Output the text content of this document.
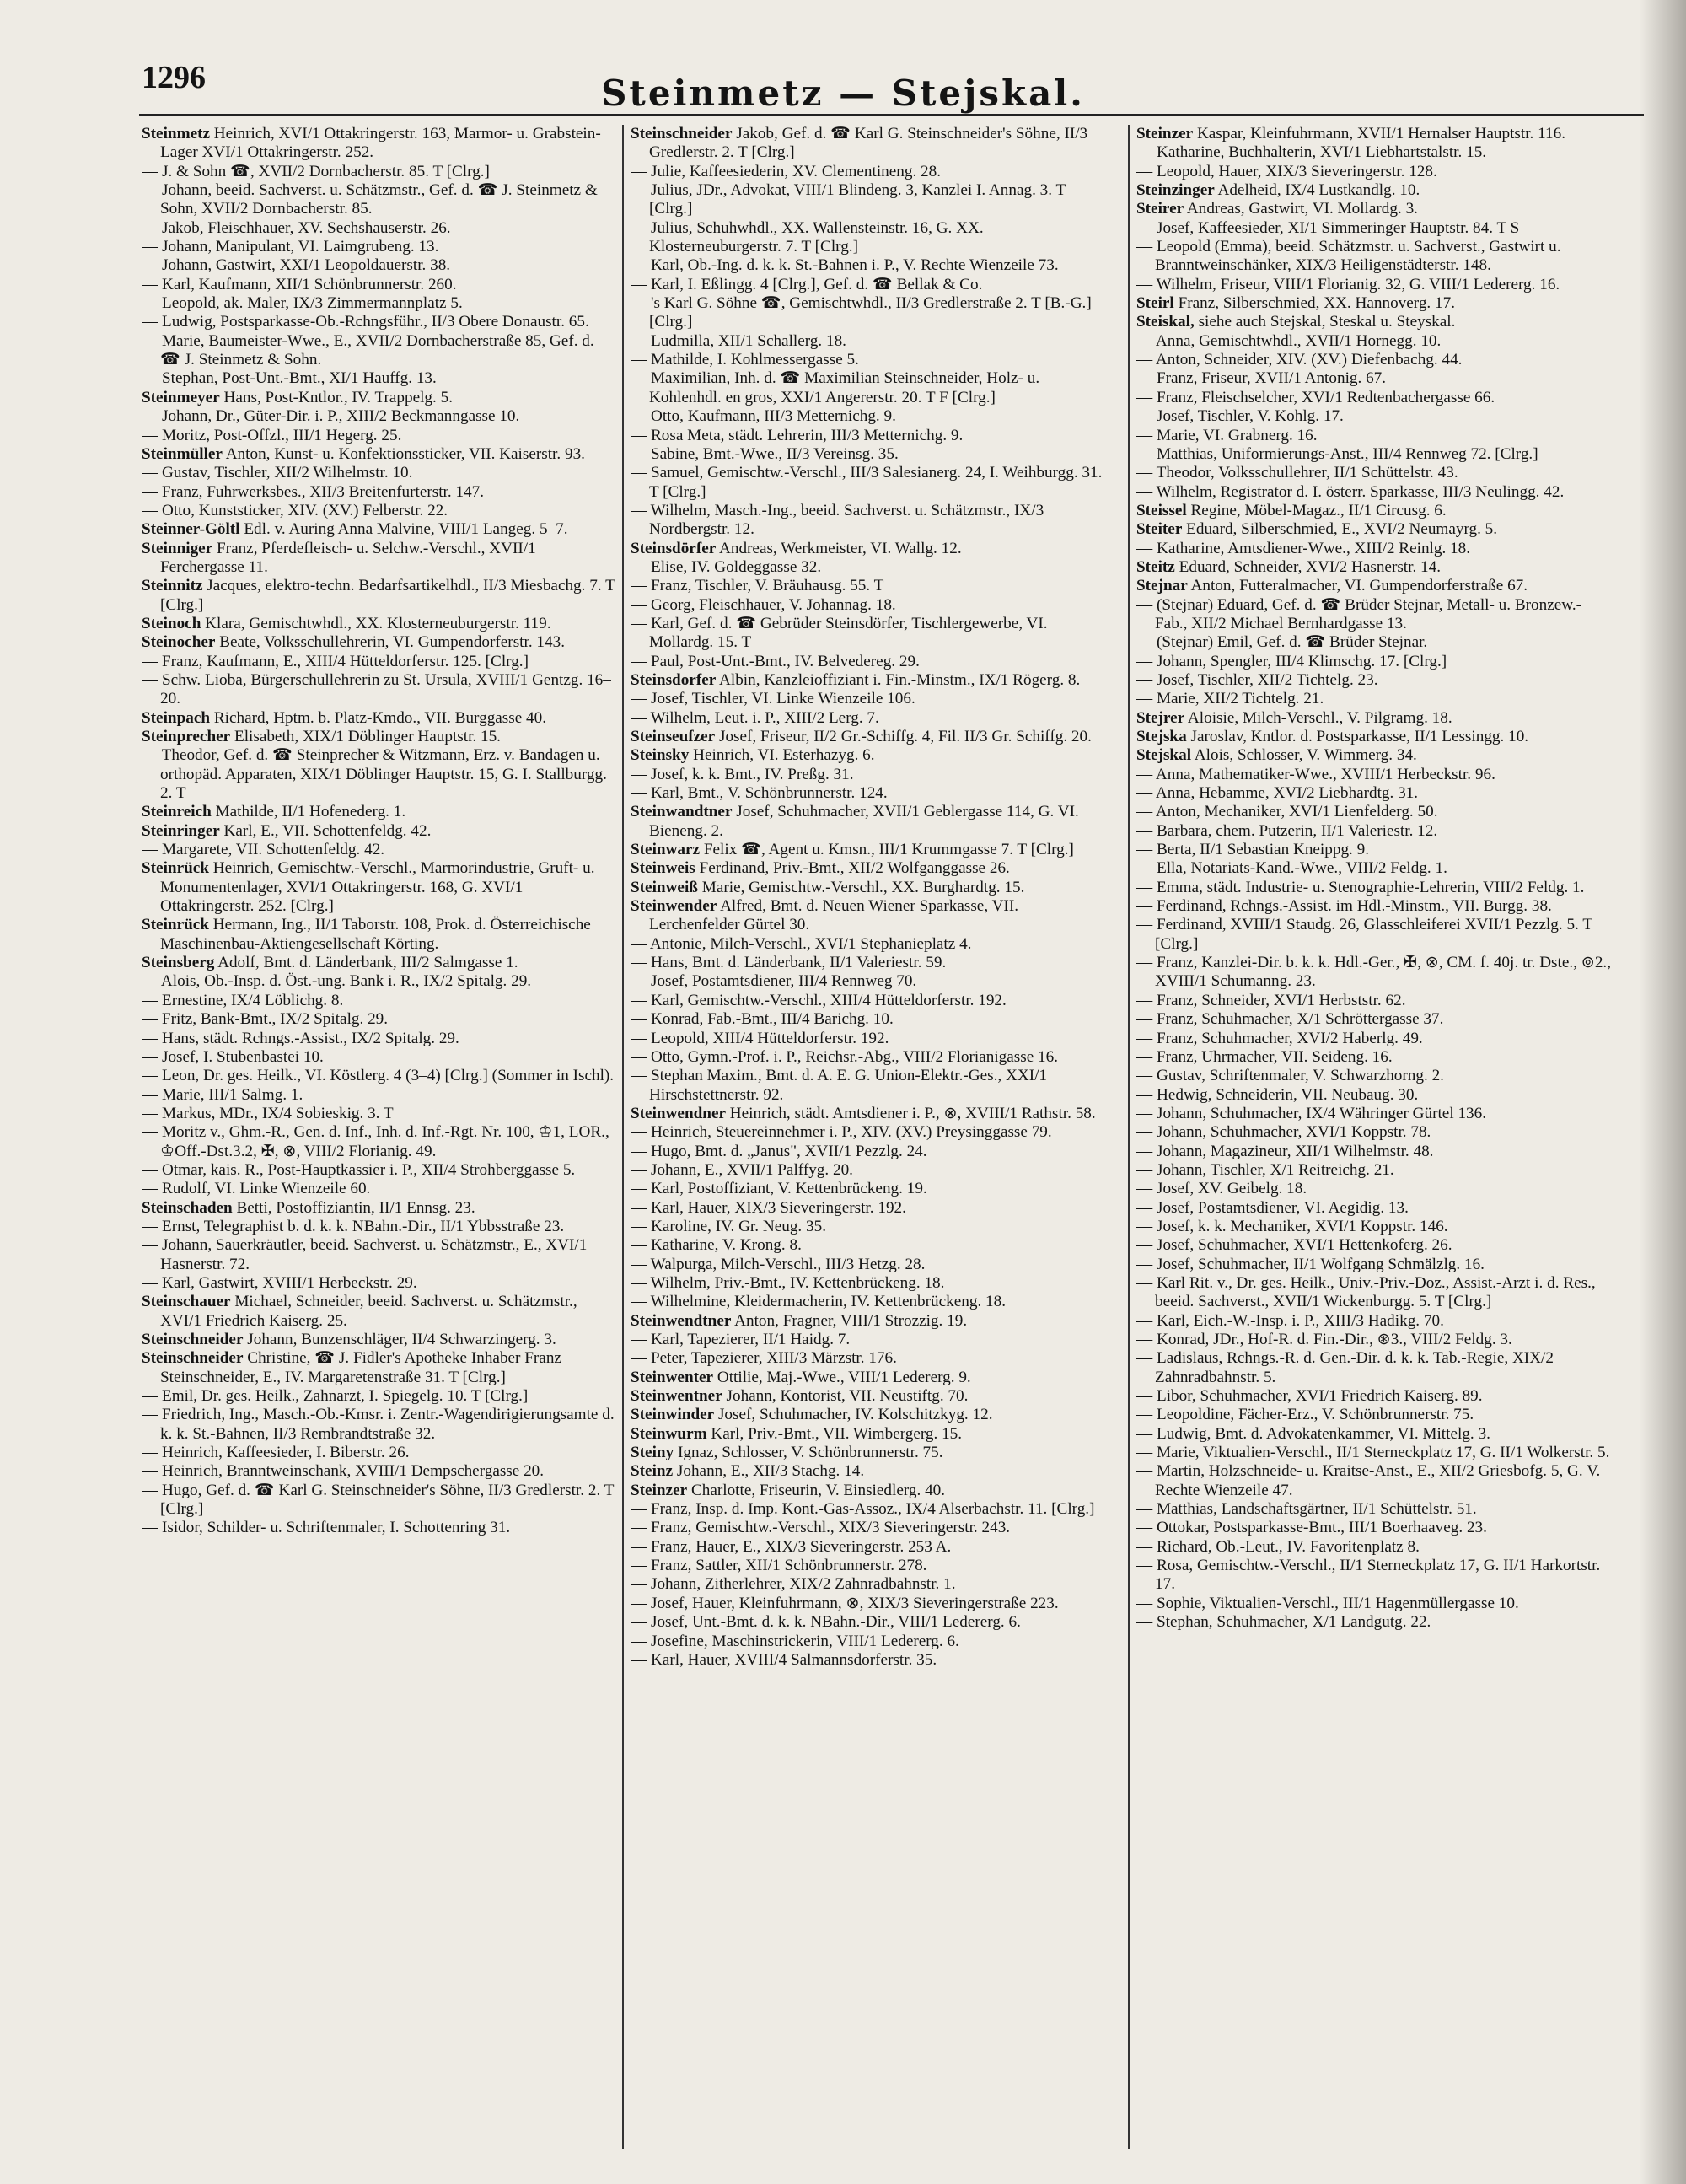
1296	Steinmetz — Stejskal.
Steinmetz Heinrich, XVI/1 Ottakringerstr. 163, Marmor- u. Grabstein-Lager XVI/1 Ottakringerstr. 252.
— J. & Sohn ☎, XVII/2 Dornbacherstr. 85. T [Clrg.]
— Johann, beeid. Sachverst. u. Schätzmstr., Gef. d. ☎ J. Steinmetz & Sohn, XVII/2 Dornbacherstr. 85.
— Jakob, Fleischhauer, XV. Sechshauserstr. 26.
— Johann, Manipulant, VI. Laimgrubeng. 13.
— Johann, Gastwirt, XXI/1 Leopoldauerstr. 38.
— Karl, Kaufmann, XII/1 Schönbrunnerstr. 260.
— Leopold, ak. Maler, IX/3 Zimmermannplatz 5.
— Ludwig, Postsparkasse-Ob.-Rchngsführ., II/3 Obere Donaustr. 65.
— Marie, Baumeister-Wwe., E., XVII/2 Dornbacherstraße 85, Gef. d. ☎ J. Steinmetz & Sohn.
— Stephan, Post-Unt.-Bmt., XI/1 Hauffg. 13.
Steinmeyer Hans, Post-Kntlor., IV. Trappelg. 5.
— Johann, Dr., Güter-Dir. i. P., XIII/2 Beckmanngasse 10.
— Moritz, Post-Offzl., III/1 Hegerg. 25.
Steinmüller Anton, Kunst- u. Konfektionssticker, VII. Kaiserstr. 93.
— Gustav, Tischler, XII/2 Wilhelmstr. 10.
— Franz, Fuhrwerksbes., XII/3 Breitenfurterstr. 147.
— Otto, Kunststicker, XIV. (XV.) Felberstr. 22.
Steinner-Göltl Edl. v. Auring Anna Malvine, VIII/1 Langeg. 5–7.
Steinniger Franz, Pferdefleisch- u. Selchw.-Verschl., XVII/1 Ferchergasse 11.
Steinnitz Jacques, elektro-techn. Bedarfsartikelhdl., II/3 Miesbachg. 7. T [Clrg.]
Steinoch Klara, Gemischtwhdl., XX. Klosterneuburgerstr. 119.
Steinocher Beate, Volksschullehrerin, VI. Gumpendorferstr. 143.
— Franz, Kaufmann, E., XIII/4 Hütteldorferstr. 125. [Clrg.]
— Schw. Lioba, Bürgerschullehrerin zu St. Ursula, XVIII/1 Gentzg. 16–20.
Steinpach Richard, Hptm. b. Platz-Kmdo., VII. Burggasse 40.
Steinprecher Elisabeth, XIX/1 Döblinger Hauptstr. 15.
— Theodor, Gef. d. ☎ Steinprecher & Witzmann, Erz. v. Bandagen u. orthopäd. Apparaten, XIX/1 Döblinger Hauptstr. 15, G. I. Stallburgg. 2. T
Steinreich Mathilde, II/1 Hofenederg. 1.
Steinringer Karl, E., VII. Schottenfeldg. 42.
— Margarete, VII. Schottenfeldg. 42.
Steinrück Heinrich, Gemischtw.-Verschl., Marmorindustrie, Gruft- u. Monumentenlager, XVI/1 Ottakringerstr. 168, G. XVI/1 Ottakringerstr. 252. [Clrg.]
Steinrück Hermann, Ing., II/1 Taborstr. 108, Prok. d. Österreichische Maschinenbau-Aktiengesellschaft Körting.
Steinsberg Adolf, Bmt. d. Länderbank, III/2 Salmgasse 1.
— Alois, Ob.-Insp. d. Öst.-ung. Bank i. R., IX/2 Spitalg. 29.
— Ernestine, IX/4 Löblichg. 8.
— Fritz, Bank-Bmt., IX/2 Spitalg. 29.
— Hans, städt. Rchngs.-Assist., IX/2 Spitalg. 29.
— Josef, I. Stubenbastei 10.
— Leon, Dr. ges. Heilk., VI. Köstlerg. 4 (3–4) [Clrg.] (Sommer in Ischl).
— Marie, III/1 Salmg. 1.
— Markus, MDr., IX/4 Sobieskig. 3. T
— Moritz v., Ghm.-R., Gen. d. Inf., Inh. d. Inf.-Rgt. Nr. 100, ♔1, LOR., ♔Off.-Dst.3.2, ✠, ⊗, VIII/2 Florianig. 49.
— Otmar, kais. R., Post-Hauptkassier i. P., XII/4 Strohberggasse 5.
— Rudolf, VI. Linke Wienzeile 60.
Steinschaden Betti, Postoffiziantin, II/1 Ennsg. 23.
— Ernst, Telegraphist b. d. k. k. NBahn.-Dir., II/1 Ybbsstraße 23.
— Johann, Sauerkräutler, beeid. Sachverst. u. Schätzmstr., E., XVI/1 Hasnerstr. 72.
— Karl, Gastwirt, XVIII/1 Herbeckstr. 29.
Steinschauer Michael, Schneider, beeid. Sachverst. u. Schätzmstr., XVI/1 Friedrich Kaiserg. 25.
Steinschneider Johann, Bunzenschläger, II/4 Schwarzingerg. 3.
Steinschneider Christine, ☎ J. Fidler's Apotheke Inhaber Franz Steinschneider, E., IV. Margaretenstraße 31. T [Clrg.]
— Emil, Dr. ges. Heilk., Zahnarzt, I. Spiegelg. 10. T [Clrg.]
— Friedrich, Ing., Masch.-Ob.-Kmsr. i. Zentr.-Wagendirigierungsamte d. k. k. St.-Bahnen, II/3 Rembrandtstraße 32.
— Heinrich, Kaffeesieder, I. Biberstr. 26.
— Heinrich, Branntweinschank, XVIII/1 Dempschergasse 20.
— Hugo, Gef. d. ☎ Karl G. Steinschneider's Söhne, II/3 Gredlerstr. 2. T [Clrg.]
— Isidor, Schilder- u. Schriftenmaler, I. Schottenring 31.
Steinschneider Jakob, Gef. d. ☎ Karl G. Steinschneider's Söhne, II/3 Gredlerstr. 2. T [Clrg.]
— Julie, Kaffeesiederin, XV. Clementineng. 28.
— Julius, JDr., Advokat, VIII/1 Blindeng. 3, Kanzlei I. Annag. 3. T [Clrg.]
— Julius, Schuhwhdl., XX. Wallensteinstr. 16, G. XX. Klosterneuburgerstr. 7. T [Clrg.]
— Karl, Ob.-Ing. d. k. k. St.-Bahnen i. P., V. Rechte Wienzeile 73.
— Karl, I. Eßlingg. 4 [Clrg.], Gef. d. ☎ Bellak & Co.
— 's Karl G. Söhne ☎, Gemischtwhdl., II/3 Gredlerstraße 2. T [B.-G.] [Clrg.]
— Ludmilla, XII/1 Schallerg. 18.
— Mathilde, I. Kohlmessergasse 5.
— Maximilian, Inh. d. ☎ Maximilian Steinschneider, Holz- u. Kohlenhdl. en gros, XXI/1 Angererstr. 20. T F [Clrg.]
— Otto, Kaufmann, III/3 Metternichg. 9.
— Rosa Meta, städt. Lehrerin, III/3 Metternichg. 9.
— Sabine, Bmt.-Wwe., II/3 Vereinsg. 35.
— Samuel, Gemischtw.-Verschl., III/3 Salesianerg. 24, I. Weihburgg. 31. T [Clrg.]
— Wilhelm, Masch.-Ing., beeid. Sachverst. u. Schätzmstr., IX/3 Nordbergstr. 12.
Steinsdörfer Andreas, Werkmeister, VI. Wallg. 12.
— Elise, IV. Goldeggasse 32.
— Franz, Tischler, V. Bräuhausg. 55. T
— Georg, Fleischhauer, V. Johannag. 18.
— Karl, Gef. d. ☎ Gebrüder Steinsdörfer, Tischlergewerbe, VI. Mollardg. 15. T
— Paul, Post-Unt.-Bmt., IV. Belvedereg. 29.
Steinsdorfer Albin, Kanzleioffiziant i. Fin.-Minstm., IX/1 Rögerg. 8.
— Josef, Tischler, VI. Linke Wienzeile 106.
— Wilhelm, Leut. i. P., XIII/2 Lerg. 7.
Steinseufzer Josef, Friseur, II/2 Gr.-Schiffg. 4, Fil. II/3 Gr. Schiffg. 20.
Steinsky Heinrich, VI. Esterhazyg. 6.
— Josef, k. k. Bmt., IV. Preßg. 31.
— Karl, Bmt., V. Schönbrunnerstr. 124.
Steinwandtner Josef, Schuhmacher, XVII/1 Geblergasse 114, G. VI. Bieneng. 2.
Steinwarz Felix ☎, Agent u. Kmsn., III/1 Krummgasse 7. T [Clrg.]
Steinweis Ferdinand, Priv.-Bmt., XII/2 Wolfganggasse 26.
Steinweiß Marie, Gemischtw.-Verschl., XX. Burghardtg. 15.
Steinwender Alfred, Bmt. d. Neuen Wiener Sparkasse, VII. Lerchenfelder Gürtel 30.
— Antonie, Milch-Verschl., XVI/1 Stephanieplatz 4.
— Hans, Bmt. d. Länderbank, II/1 Valeriestr. 59.
— Josef, Postamtsdiener, III/4 Rennweg 70.
— Karl, Gemischtw.-Verschl., XIII/4 Hütteldorferstr. 192.
— Konrad, Fab.-Bmt., III/4 Barichg. 10.
— Leopold, XIII/4 Hütteldorferstr. 192.
— Otto, Gymn.-Prof. i. P., Reichsr.-Abg., VIII/2 Florianigasse 16.
— Stephan Maxim., Bmt. d. A. E. G. Union-Elektr.-Ges., XXI/1 Hirschstettnerstr. 92.
Steinwendner Heinrich, städt. Amtsdiener i. P., ⊗, XVIII/1 Rathstr. 58.
— Heinrich, Steuereinnehmer i. P., XIV. (XV.) Preysinggasse 79.
— Hugo, Bmt. d. „Janus", XVII/1 Pezzlg. 24.
— Johann, E., XVII/1 Palffyg. 20.
— Karl, Postoffiziant, V. Kettenbrückeng. 19.
— Karl, Hauer, XIX/3 Sieveringerstr. 192.
— Karoline, IV. Gr. Neug. 35.
— Katharine, V. Krong. 8.
— Walpurga, Milch-Verschl., III/3 Hetzg. 28.
— Wilhelm, Priv.-Bmt., IV. Kettenbrückeng. 18.
— Wilhelmine, Kleidermacherin, IV. Kettenbrückeng. 18.
Steinwendtner Anton, Fragner, VIII/1 Strozzig. 19.
— Karl, Tapezierer, II/1 Haidg. 7.
— Peter, Tapezierer, XIII/3 Märzstr. 176.
Steinwenter Ottilie, Maj.-Wwe., VIII/1 Ledererg. 9.
Steinwentner Johann, Kontorist, VII. Neustiftg. 70.
Steinwinder Josef, Schuhmacher, IV. Kolschitzkyg. 12.
Steinwurm Karl, Priv.-Bmt., VII. Wimbergerg. 15.
Steiny Ignaz, Schlosser, V. Schönbrunnerstr. 75.
Steinz Johann, E., XII/3 Stachg. 14.
Steinzer Charlotte, Friseurin, V. Einsiedlerg. 40.
— Franz, Insp. d. Imp. Kont.-Gas-Assoz., IX/4 Alserbachstr. 11. [Clrg.]
— Franz, Gemischtw.-Verschl., XIX/3 Sieveringerstr. 243.
— Franz, Hauer, E., XIX/3 Sieveringerstr. 253 A.
— Franz, Sattler, XII/1 Schönbrunnerstr. 278.
— Johann, Zitherlehrer, XIX/2 Zahnradbahnstr. 1.
— Josef, Hauer, Kleinfuhrmann, ⊗, XIX/3 Sieveringerstraße 223.
— Josef, Unt.-Bmt. d. k. k. NBahn.-Dir., VIII/1 Ledererg. 6.
— Josefine, Maschinstrickerin, VIII/1 Ledererg. 6.
— Karl, Hauer, XVIII/4 Salmannsdorferstr. 35.
Steinzer Kaspar, Kleinfuhrmann, XVII/1 Hernalser Hauptstr. 116.
— Katharine, Buchhalterin, XVI/1 Liebhartstalstr. 15.
— Leopold, Hauer, XIX/3 Sieveringerstr. 128.
Steinzinger Adelheid, IX/4 Lustkandlg. 10.
Steirer Andreas, Gastwirt, VI. Mollardg. 3.
— Josef, Kaffeesieder, XI/1 Simmeringer Hauptstr. 84. T S
— Leopold (Emma), beeid. Schätzmstr. u. Sachverst., Gastwirt u. Branntweinschänker, XIX/3 Heiligenstädterstr. 148.
— Wilhelm, Friseur, VIII/1 Florianig. 32, G. VIII/1 Ledererg. 16.
Steirl Franz, Silberschmied, XX. Hannoverg. 17.
Steiskal, siehe auch Stejskal, Steskal u. Steyskal.
— Anna, Gemischtwhdl., XVII/1 Hornegg. 10.
— Anton, Schneider, XIV. (XV.) Diefenbachg. 44.
— Franz, Friseur, XVII/1 Antonig. 67.
— Franz, Fleischselcher, XVI/1 Redtenbachergasse 66.
— Josef, Tischler, V. Kohlg. 17.
— Marie, VI. Grabnerg. 16.
— Matthias, Uniformierungs-Anst., III/4 Rennweg 72. [Clrg.]
— Theodor, Volksschullehrer, II/1 Schüttelstr. 43.
— Wilhelm, Registrator d. I. österr. Sparkasse, III/3 Neulingg. 42.
Steissel Regine, Möbel-Magaz., II/1 Circusg. 6.
Steiter Eduard, Silberschmied, E., XVI/2 Neumayrg. 5.
— Katharine, Amtsdiener-Wwe., XIII/2 Reinlg. 18.
Steitz Eduard, Schneider, XVI/2 Hasnerstr. 14.
Stejnar Anton, Futteralmacher, VI. Gumpendorferstraße 67.
— (Stejnar) Eduard, Gef. d. ☎ Brüder Stejnar, Metall- u. Bronzew.-Fab., XII/2 Michael Bernhardgasse 13.
— (Stejnar) Emil, Gef. d. ☎ Brüder Stejnar.
— Johann, Spengler, III/4 Klimschg. 17. [Clrg.]
— Josef, Tischler, XII/2 Tichtelg. 23.
— Marie, XII/2 Tichtelg. 21.
Stejrer Aloisie, Milch-Verschl., V. Pilgramg. 18.
Stejska Jaroslav, Kntlor. d. Postsparkasse, II/1 Lessingg. 10.
Stejskal Alois, Schlosser, V. Wimmerg. 34.
— Anna, Mathematiker-Wwe., XVIII/1 Herbeckstr. 96.
— Anna, Hebamme, XVI/2 Liebhardtg. 31.
— Anton, Mechaniker, XVI/1 Lienfelderg. 50.
— Barbara, chem. Putzerin, II/1 Valeriestr. 12.
— Berta, II/1 Sebastian Kneippg. 9.
— Ella, Notariats-Kand.-Wwe., VIII/2 Feldg. 1.
— Emma, städt. Industrie- u. Stenographie-Lehrerin, VIII/2 Feldg. 1.
— Ferdinand, Rchngs.-Assist. im Hdl.-Minstm., VII. Burgg. 38.
— Ferdinand, XVIII/1 Staudg. 26, Glasschleiferei XVII/1 Pezzlg. 5. T [Clrg.]
— Franz, Kanzlei-Dir. b. k. k. Hdl.-Ger., ✠, ⊗, CM. f. 40j. tr. Dste., ⊚2., XVIII/1 Schumanng. 23.
— Franz, Schneider, XVI/1 Herbststr. 62.
— Franz, Schuhmacher, X/1 Schröttergasse 37.
— Franz, Schuhmacher, XVI/2 Haberlg. 49.
— Franz, Uhrmacher, VII. Seideng. 16.
— Gustav, Schriftenmaler, V. Schwarzhorng. 2.
— Hedwig, Schneiderin, VII. Neubaug. 30.
— Johann, Schuhmacher, IX/4 Währinger Gürtel 136.
— Johann, Schuhmacher, XVI/1 Koppstr. 78.
— Johann, Magazineur, XII/1 Wilhelmstr. 48.
— Johann, Tischler, X/1 Reitreichg. 21.
— Josef, XV. Geibelg. 18.
— Josef, Postamtsdiener, VI. Aegidig. 13.
— Josef, k. k. Mechaniker, XVI/1 Koppstr. 146.
— Josef, Schuhmacher, XVI/1 Hettenkoferg. 26.
— Josef, Schuhmacher, II/1 Wolfgang Schmälzlg. 16.
— Karl Rit. v., Dr. ges. Heilk., Univ.-Priv.-Doz., Assist.-Arzt i. d. Res., beeid. Sachverst., XVII/1 Wickenburgg. 5. T [Clrg.]
— Karl, Eich.-W.-Insp. i. P., XIII/3 Hadikg. 70.
— Konrad, JDr., Hof-R. d. Fin.-Dir., ⊛3., VIII/2 Feldg. 3.
— Ladislaus, Rchngs.-R. d. Gen.-Dir. d. k. k. Tab.-Regie, XIX/2 Zahnradbahnstr. 5.
— Libor, Schuhmacher, XVI/1 Friedrich Kaiserg. 89.
— Leopoldine, Fächer-Erz., V. Schönbrunnerstr. 75.
— Ludwig, Bmt. d. Advokatenkammer, VI. Mittelg. 3.
— Marie, Viktualien-Verschl., II/1 Sterneckplatz 17, G. II/1 Wolkerstr. 5.
— Martin, Holzschneide- u. Kraitse-Anst., E., XII/2 Griesbofg. 5, G. V. Rechte Wienzeile 47.
— Matthias, Landschaftsgärtner, II/1 Schüttelstr. 51.
— Ottokar, Postsparkasse-Bmt., III/1 Boerhaaveg. 23.
— Richard, Ob.-Leut., IV. Favoritenplatz 8.
— Rosa, Gemischtw.-Verschl., II/1 Sterneckplatz 17, G. II/1 Harkortstr. 17.
— Sophie, Viktualien-Verschl., III/1 Hagenmüllergasse 10.
— Stephan, Schuhmacher, X/1 Landgutg. 22.
